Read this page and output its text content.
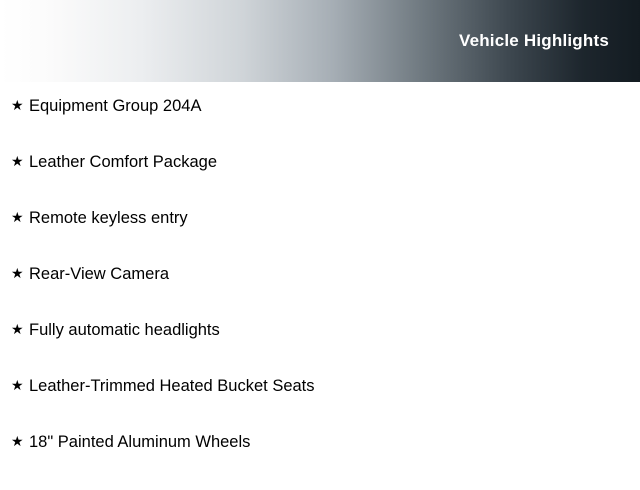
Vehicle Highlights
★ Equipment Group 204A
★ Leather Comfort Package
★ Remote keyless entry
★ Rear-View Camera
★ Fully automatic headlights
★ Leather-Trimmed Heated Bucket Seats
★ 18" Painted Aluminum Wheels
